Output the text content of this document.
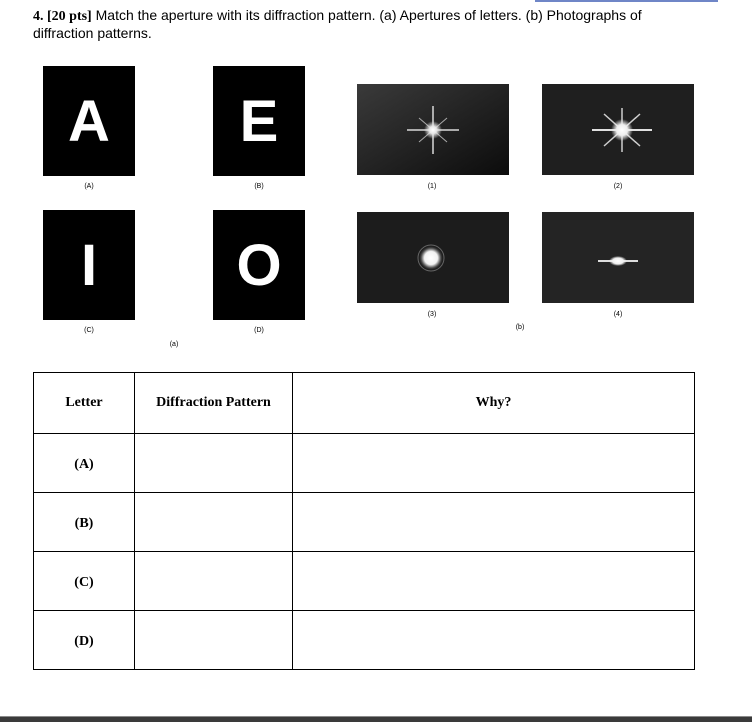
4. [20 pts] Match the aperture with its diffraction pattern. (a) Apertures of letters. (b) Photographs of diffraction patterns.
A
(A)
E
(B)
I
(C)
O
(D)
(a)
(1)	(2)
(3)	(4)
(b)
Letter	Diffraction Pattern	Why?
(A)		
(B)		
(C)		
(D)		
